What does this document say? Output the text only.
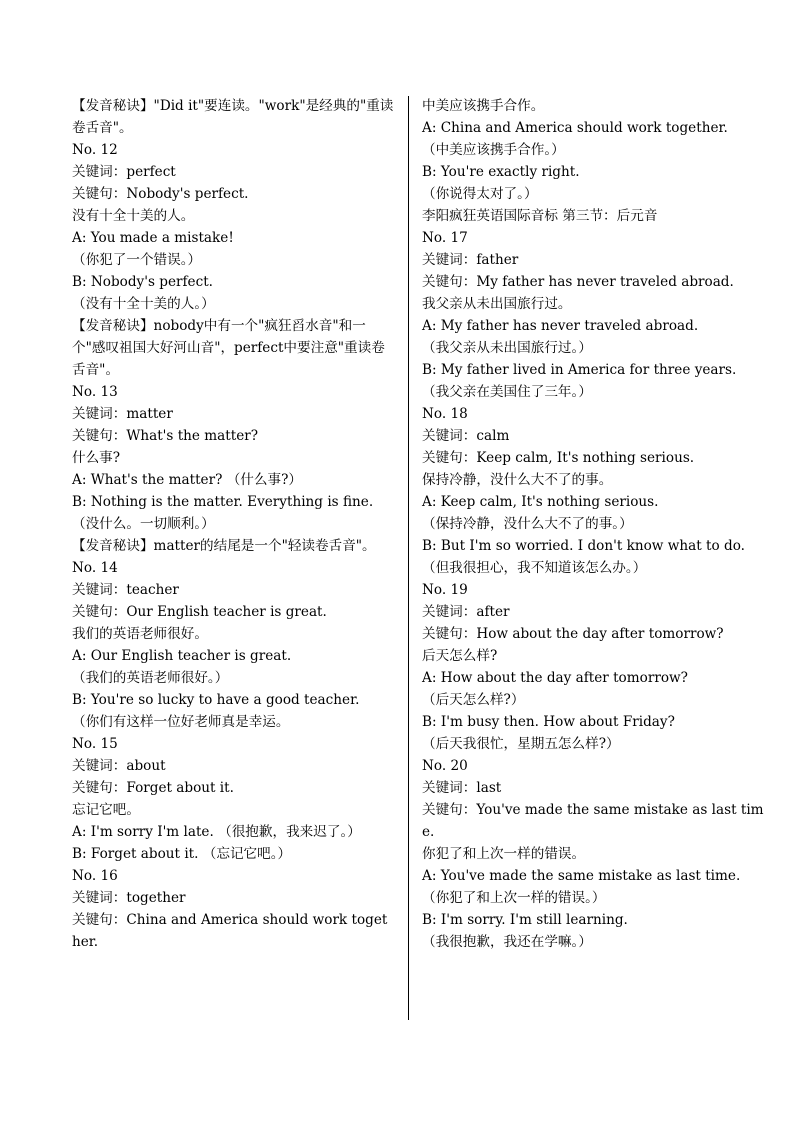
【发音秘诀】"Did it"要连读。"work"是经典的"重读卷舌音"。
No. 12
关键词：perfect
关键句：Nobody's perfect.
没有十全十美的人。
A: You made a mistake!
（你犯了一个错误。）
B: Nobody's perfect.
（没有十全十美的人。）
【发音秘诀】nobody中有一个"疯狂舀水音"和一个"感叹祖国大好河山音"，perfect中要注意"重读卷舌音"。
No. 13
关键词：matter
关键句：What's the matter?
什么事?
A: What's the matter? （什么事?）
B: Nothing is the matter. Everything is fine.
（没什么。一切顺利。）
【发音秘诀】matter的结尾是一个"轻读卷舌音"。
No. 14
关键词：teacher
关键句：Our English teacher is great.
我们的英语老师很好。
A: Our English teacher is great.
（我们的英语老师很好。）
B: You're so lucky to have a good teacher.
（你们有这样一位好老师真是幸运。
No. 15
关键词：about
关键句：Forget about it.
忘记它吧。
A: I'm sorry I'm late. （很抱歉，我来迟了。）
B: Forget about it. （忘记它吧。）
No. 16
关键词：together
关键句：China and America should work together.
中美应该携手合作。
A: China and America should work together.
（中美应该携手合作。）
B: You're exactly right.
（你说得太对了。）
李阳疯狂英语国际音标 第三节：后元音
No. 17
关键词：father
关键句：My father has never traveled abroad.
我父亲从未出国旅行过。
A: My father has never traveled abroad.
（我父亲从未出国旅行过。）
B: My father lived in America for three years.
（我父亲在美国住了三年。）
No. 18
关键词：calm
关键句：Keep calm, It's nothing serious.
保持冷静，没什么大不了的事。
A: Keep calm, It's nothing serious.
（保持冷静，没什么大不了的事。）
B: But I'm so worried. I don't know what to do.
（但我很担心，我不知道该怎么办。）
No. 19
关键词：after
关键句：How about the day after tomorrow?
后天怎么样?
A: How about the day after tomorrow?
（后天怎么样?）
B: I'm busy then. How about Friday?
（后天我很忙，星期五怎么样?）
No. 20
关键词：last
关键句：You've made the same mistake as last time.
你犯了和上次一样的错误。
A: You've made the same mistake as last time.
（你犯了和上次一样的错误。）
B: I'm sorry. I'm still learning.
（我很抱歉，我还在学嘛。）
